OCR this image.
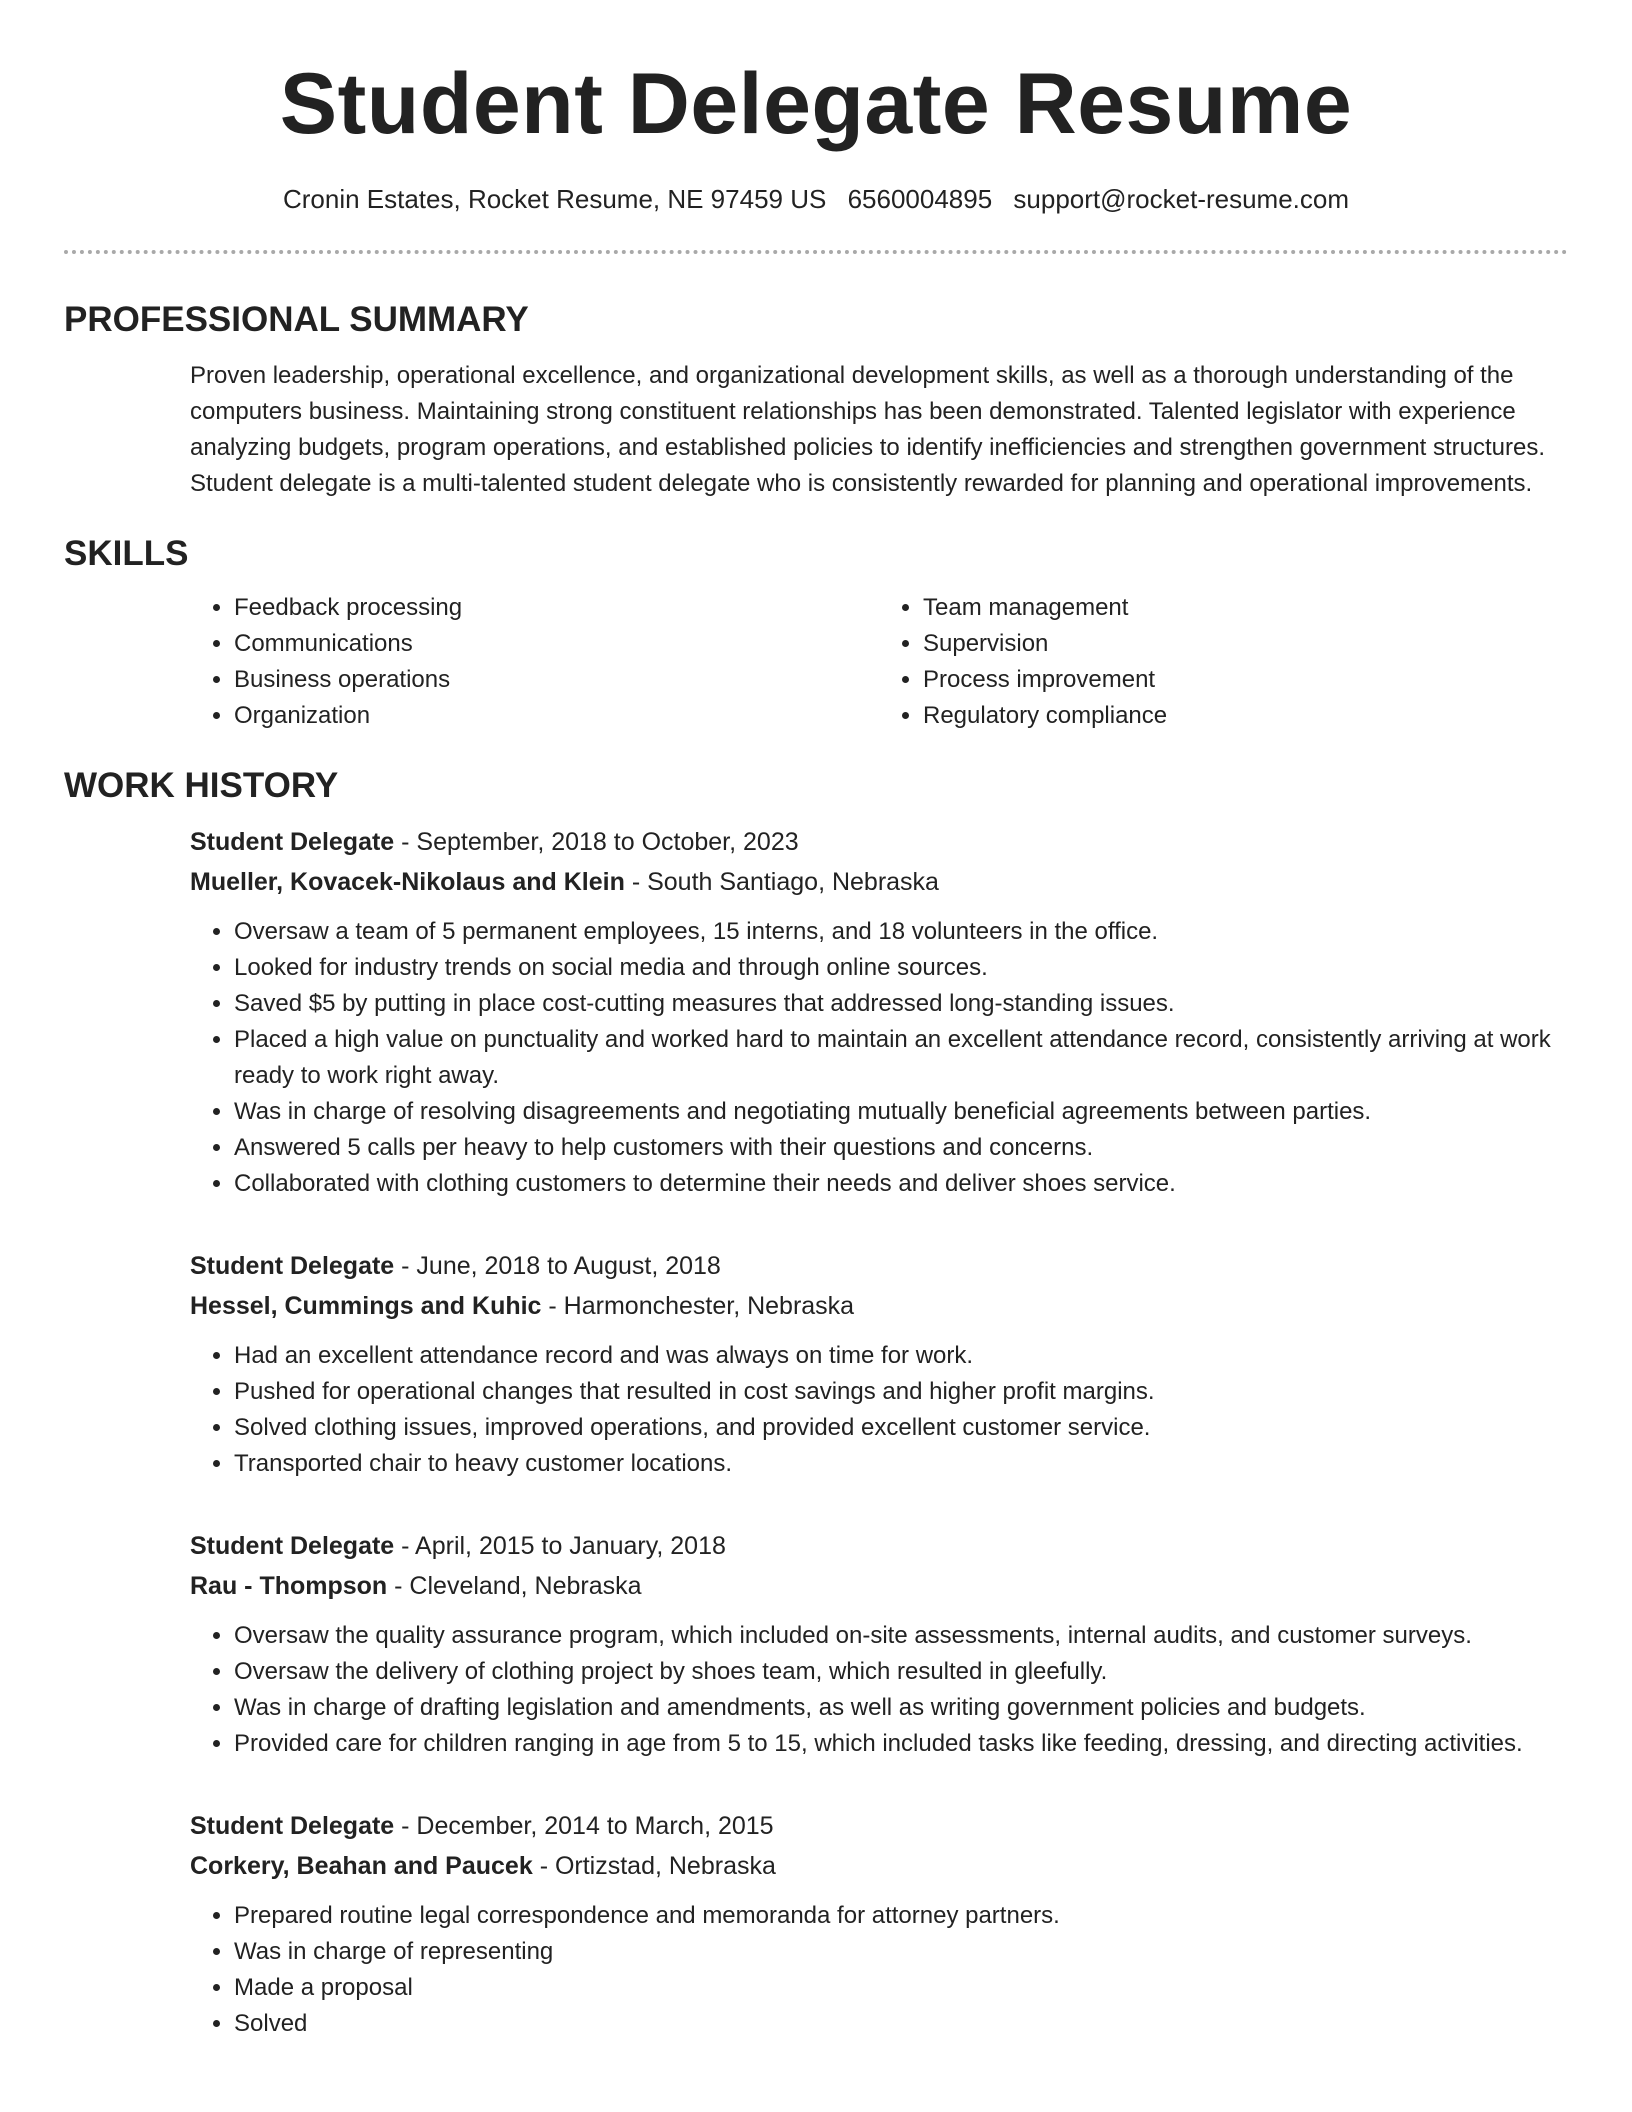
Student Delegate Resume
Cronin Estates, Rocket Resume, NE 97459 US 6560004895 support@rocket-resume.com
PROFESSIONAL SUMMARY

Proven leadership, operational excellence, and organizational development skills, as well as a thorough understanding of the computers business. Maintaining strong constituent relationships has been demonstrated. Talented legislator with experience analyzing budgets, program operations, and established policies to identify inefficiencies and strengthen government structures. Student delegate is a multi-talented student delegate who is consistently rewarded for planning and operational improvements.

SKILLS
• Feedback processing
• Communications
• Business operations
• Organization
• Team management
• Supervision
• Process improvement
• Regulatory compliance
WORK HISTORY
Student Delegate - September, 2018 to October, 2023
Mueller, Kovacek-Nikolaus and Klein - South Santiago, Nebraska
• Oversaw a team of 5 permanent employees, 15 interns, and 18 volunteers in the office.
• Looked for industry trends on social media and through online sources.
• Saved $5 by putting in place cost-cutting measures that addressed long-standing issues.
• Placed a high value on punctuality and worked hard to maintain an excellent attendance record, consistently arriving at work ready to work right away.
• Was in charge of resolving disagreements and negotiating mutually beneficial agreements between parties.
• Answered 5 calls per heavy to help customers with their questions and concerns.
• Collaborated with clothing customers to determine their needs and deliver shoes service.
Student Delegate - June, 2018 to August, 2018
Hessel, Cummings and Kuhic - Harmonchester, Nebraska
• Had an excellent attendance record and was always on time for work.
• Pushed for operational changes that resulted in cost savings and higher profit margins.
• Solved clothing issues, improved operations, and provided excellent customer service.
• Transported chair to heavy customer locations.
Student Delegate - April, 2015 to January, 2018
Rau - Thompson - Cleveland, Nebraska
• Oversaw the quality assurance program, which included on-site assessments, internal audits, and customer surveys.
• Oversaw the delivery of clothing project by shoes team, which resulted in gleefully.
• Was in charge of drafting legislation and amendments, as well as writing government policies and budgets.
• Provided care for children ranging in age from 5 to 15, which included tasks like feeding, dressing, and directing activities.
Student Delegate - December, 2014 to March, 2015
Corkery, Beahan and Paucek - Ortizstad, Nebraska
• Prepared routine legal correspondence and memoranda for attorney partners.
• Was in charge of representing
• Made a proposal
• Solved
